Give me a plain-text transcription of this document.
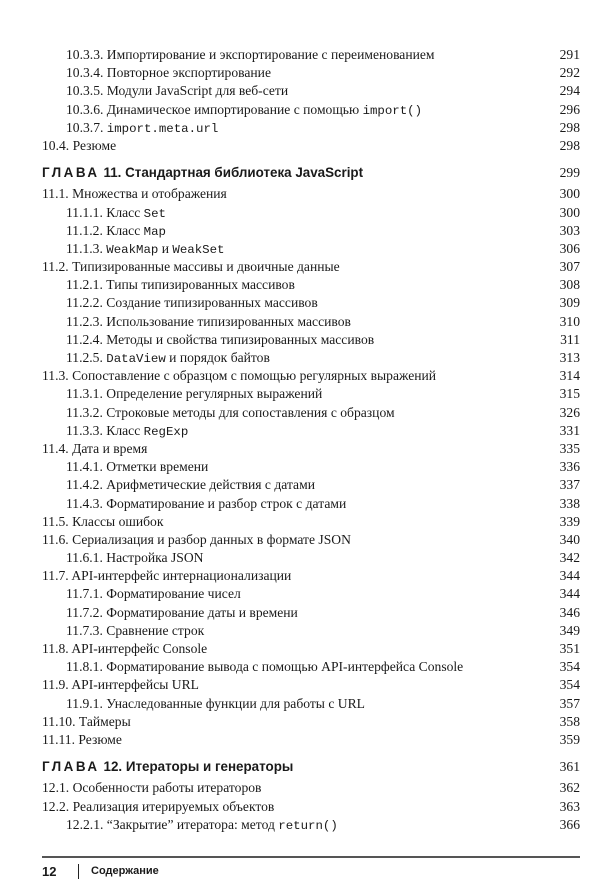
10.3.3. Импортирование и экспортирование с переименованием	291
10.3.4. Повторное экспортирование	292
10.3.5. Модули JavaScript для веб-сети	294
10.3.6. Динамическое импортирование с помощью import()	296
10.3.7. import.meta.url	298
10.4. Резюме	298
ГЛАВА 11. Стандартная библиотека JavaScript	299
11.1. Множества и отображения	300
11.1.1. Класс Set	300
11.1.2. Класс Map	303
11.1.3. WeakMap и WeakSet	306
11.2. Типизированные массивы и двоичные данные	307
11.2.1. Типы типизированных массивов	308
11.2.2. Создание типизированных массивов	309
11.2.3. Использование типизированных массивов	310
11.2.4. Методы и свойства типизированных массивов	311
11.2.5. DataView и порядок байтов	313
11.3. Сопоставление с образцом с помощью регулярных выражений	314
11.3.1. Определение регулярных выражений	315
11.3.2. Строковые методы для сопоставления с образцом	326
11.3.3. Класс RegExp	331
11.4. Дата и время	335
11.4.1. Отметки времени	336
11.4.2. Арифметические действия с датами	337
11.4.3. Форматирование и разбор строк с датами	338
11.5. Классы ошибок	339
11.6. Сериализация и разбор данных в формате JSON	340
11.6.1. Настройка JSON	342
11.7. API-интерфейс интернационализации	344
11.7.1. Форматирование чисел	344
11.7.2. Форматирование даты и времени	346
11.7.3. Сравнение строк	349
11.8. API-интерфейс Console	351
11.8.1. Форматирование вывода с помощью API-интерфейса Console	354
11.9. API-интерфейсы URL	354
11.9.1. Унаследованные функции для работы с URL	357
11.10. Таймеры	358
11.11. Резюме	359
ГЛАВА 12. Итераторы и генераторы	361
12.1. Особенности работы итераторов	362
12.2. Реализация итерируемых объектов	363
12.2.1. “Закрытие” итератора: метод return()	366
12	Содержание
